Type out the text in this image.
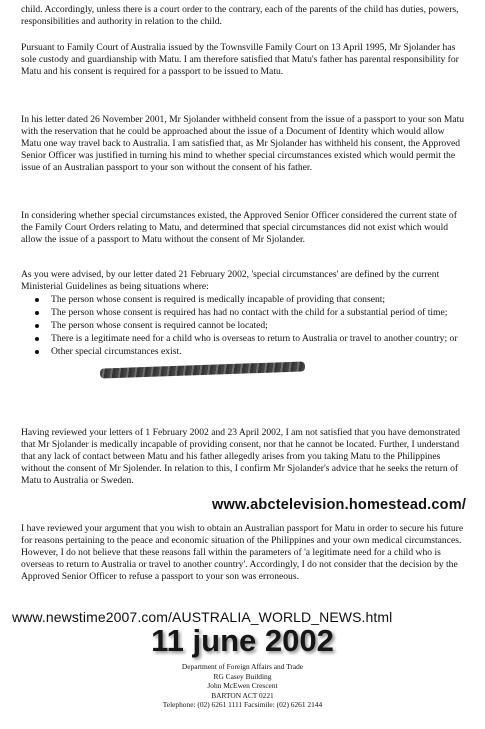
child. Accordingly, unless there is a court order to the contrary, each of the parents of the child has duties, powers, responsibilities and authority in relation to the child.

Pursuant to Family Court of Australia issued by the Townsville Family Court on 13 April 1995, Mr Sjolander has sole custody and guardianship with Matu. I am therefore satisfied that Matu's father has parental responsibility for Matu and his consent is required for a passport to be issued to Matu.

In his letter dated 26 November 2001, Mr Sjolander withheld consent from the issue of a passport to your son Matu with the reservation that he could be approached about the issue of a Document of Identity which would allow Matu one way travel back to Australia. I am satisfied that, as Mr Sjolander has withheld his consent, the Approved Senior Officer was justified in turning his mind to whether special circumstances existed which would permit the issue of an Australian passport to your son without the consent of his father.

In considering whether special circumstances existed, the Approved Senior Officer considered the current state of the Family Court Orders relating to Matu, and determined that special circumstances did not exist which would allow the issue of a passport to Matu without the consent of Mr Sjolander.

As you were advised, by our letter dated 21 February 2002, 'special circumstances' are defined by the current Ministerial Guidelines as being situations where:

The person whose consent is required is medically incapable of providing that consent;
The person whose consent is required has had no contact with the child for a substantial period of time;
The person whose consent is required cannot be located;
There is a legitimate need for a child who is overseas to return to Australia or travel to another country; or
Other special circumstances exist.

Having reviewed your letters of 1 February 2002 and 23 April 2002, I am not satisfied that you have demonstrated that Mr Sjolander is medically incapable of providing consent, nor that he cannot be located. Further, I understand that any lack of contact between Matu and his father allegedly arises from you taking Matu to the Philippines without the consent of Mr Sjolender. In relation to this, I confirm Mr Sjolander's advice that he seeks the return of Matu to Australia or Sweden.

I have reviewed your argument that you wish to obtain an Australian passport for Matu in order to secure his future for reasons pertaining to the peace and economic situation of the Philippines and your own medical circumstances. However, I do not believe that these reasons fall within the parameters of 'a legitimate need for a child who is overseas to return to Australia or travel to another country'. Accordingly, I do not consider that the decision by the Approved Senior Officer to refuse a passport to your son was erroneous.

www.abctelevision.homestead.com/
www.newstime2007.com/AUSTRALIA_WORLD_NEWS.html
11 june 2002
Department of Foreign Affairs and Trade
RG Casey Building
John McEwen Crescent
BARTON ACT 0221
Telephone: (02) 6261 1111 Facsimile: (02) 6261 2144
